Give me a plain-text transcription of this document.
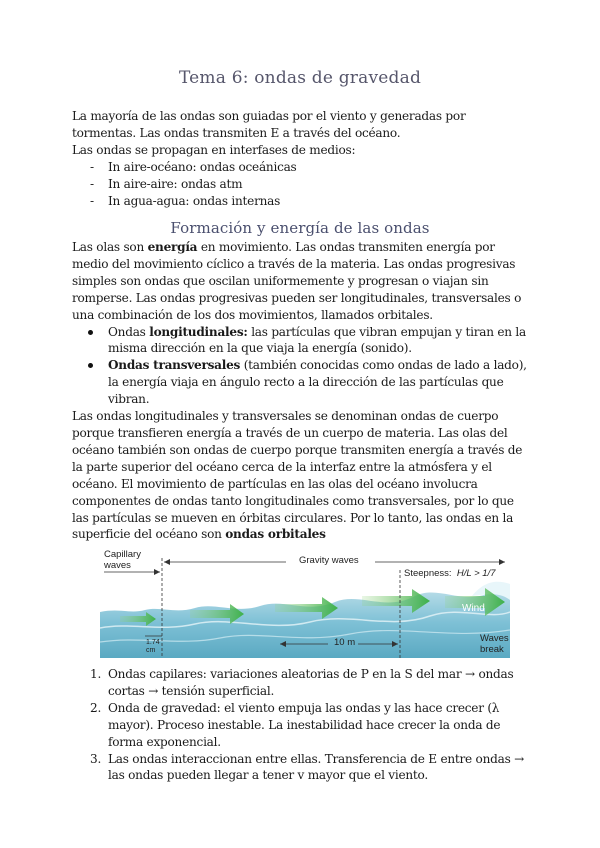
Tema 6: ondas de gravedad

La mayoría de las ondas son guiadas por el viento y generadas por tormentas. Las ondas transmiten E a través del océano.

Las ondas se propagan en interfases de medios:

- In aire-océano: ondas oceánicas
- In aire-aire: ondas atm
- In agua-agua: ondas internas
Formación y energía de las ondas

Las olas son energía en movimiento. Las ondas transmiten energía por medio del movimiento cíclico a través de la materia. Las ondas progresivas simples son ondas que oscilan uniformemente y progresan o viajan sin romperse. Las ondas progresivas pueden ser longitudinales, transversales o una combinación de los dos movimientos, llamados orbitales.

Ondas longitudinales: las partículas que vibran empujan y tiran en la misma dirección en la que viaja la energía (sonido).
Ondas transversales (también conocidas como ondas de lado a lado), la energía viaja en ángulo recto a la dirección de las partículas que vibran.

Las ondas longitudinales y transversales se denominan ondas de cuerpo porque transfieren energía a través de un cuerpo de materia. Las olas del océano también son ondas de cuerpo porque transmiten energía a través de la parte superior del océano cerca de la interfaz entre la atmósfera y el océano. El movimiento de partículas en las olas del océano involucra componentes de ondas tanto longitudinales como transversales, por lo que las partículas se mueven en órbitas circulares. Por lo tanto, las ondas en la superficie del océano son ondas orbitales

Capillary
waves	Gravity waves
Steepness: H/L > 1/7
Wind
Waves
break
1.74
cm
10 m
1. Ondas capilares: variaciones aleatorias de P en la S del mar → ondas cortas → tensión superficial.
2. Onda de gravedad: el viento empuja las ondas y las hace crecer (λ mayor). Proceso inestable. La inestabilidad hace crecer la onda de forma exponencial.
3. Las ondas interaccionan entre ellas. Transferencia de E entre ondas → las ondas pueden llegar a tener v mayor que el viento.
